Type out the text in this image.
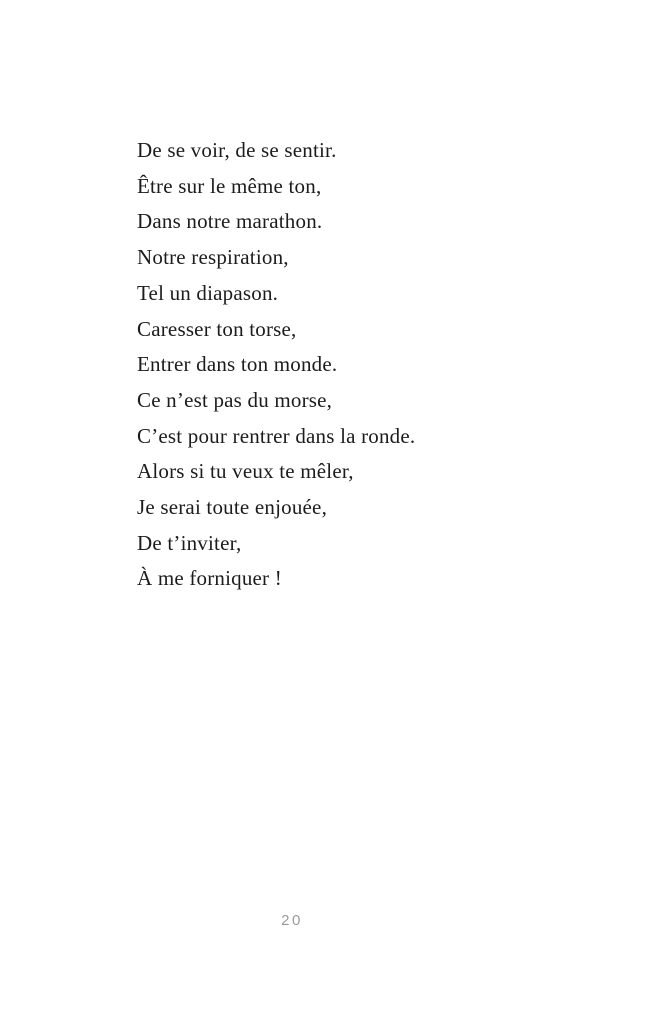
De se voir, de se sentir.
Être sur le même ton,
Dans notre marathon.
Notre respiration,
Tel un diapason.
Caresser ton torse,
Entrer dans ton monde.
Ce n’est pas du morse,
C’est pour rentrer dans la ronde.
Alors si tu veux te mêler,
Je serai toute enjouée,
De t’inviter,
À me forniquer !
20
